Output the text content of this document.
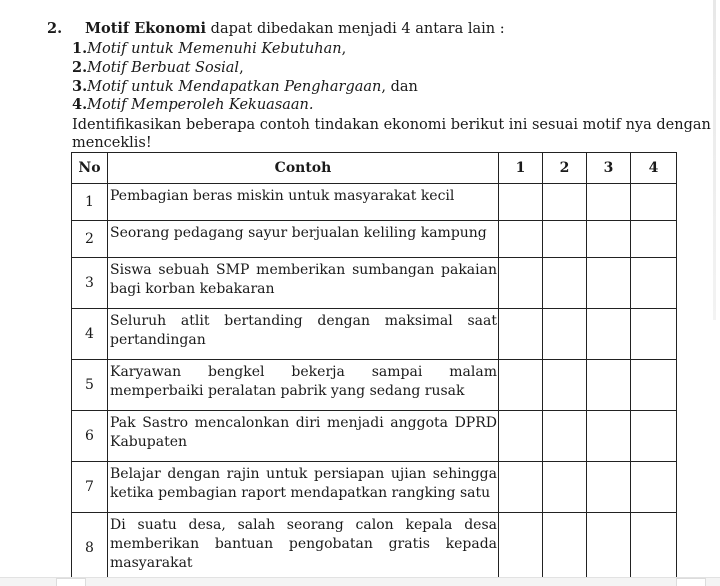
2. Motif Ekonomi dapat dibedakan menjadi 4 antara lain :
1.Motif untuk Memenuhi Kebutuhan,
2.Motif Berbuat Sosial,
3.Motif untuk Mendapatkan Penghargaan, dan
4.Motif Memperoleh Kekuasaan.
Identifikasikan beberapa contoh tindakan ekonomi berikut ini sesuai motif nya dengan
menceklis!
No	Contoh	1	2	3	4
1	Pembagian beras miskin untuk masyarakat kecil				
2	Seorang pedagang sayur berjualan keliling kampung				
3	Siswa sebuah SMP memberikan sumbangan pakaian bagi korban kebakaran				
4	Seluruh atlit bertanding dengan maksimal saat pertandingan				
5	Karyawan bengkel bekerja sampai malam memperbaiki peralatan pabrik yang sedang rusak				
6	Pak Sastro mencalonkan diri menjadi anggota DPRD Kabupaten				
7	Belajar dengan rajin untuk persiapan ujian sehingga ketika pembagian raport mendapatkan rangking satu				
8	Di suatu desa, salah seorang calon kepala desa memberikan bantuan pengobatan gratis kepada masyarakat				
